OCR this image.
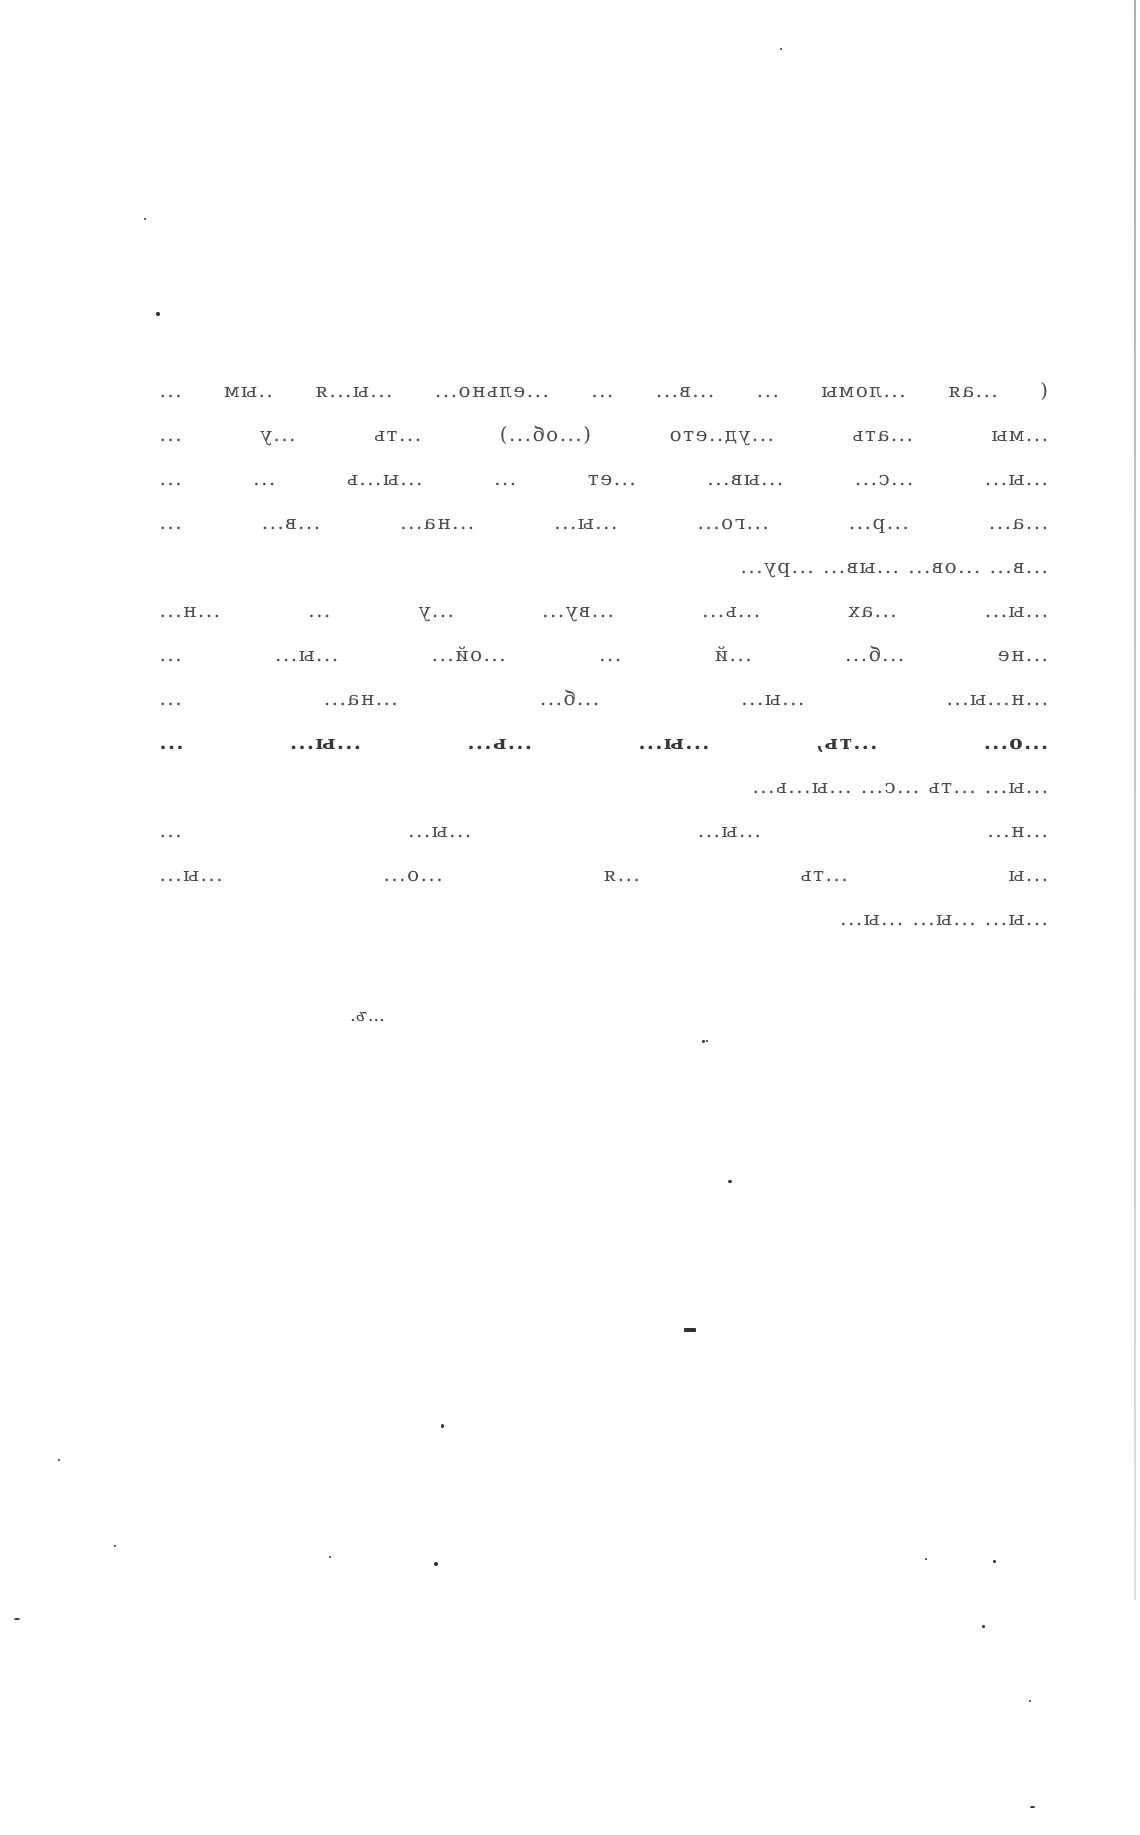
( ...ая ...ломы ... ...в... ... ...ельно... ...ы...я ..ым ...
...мы ...ать ...уд..ето (...об...) ...ть ...у ...
...ы... ...с... ...ыв... ...ет ... ...ы...ь ... ...
...а... ...р... ...го... ...ы... ...на... ...в... ...
...в... ...ов... ...ыв... ...ру...
...ы... ...ах ...ь... ...ву... ...у ... ...н...
...не ...б... ...й ... ...ой... ...ы... ...
...н...ы... ...ы... ...б... ...на... ...
...о... ...ть, ...ы... ...ь... ...ы... ...
...ы... ...ть ...с... ...ы...ь...
...н... ...ы... ...ы... ...
...ы ...ть ...я ...о... ...ы...
...ы... ...ы... ...ы...
...ъ.
